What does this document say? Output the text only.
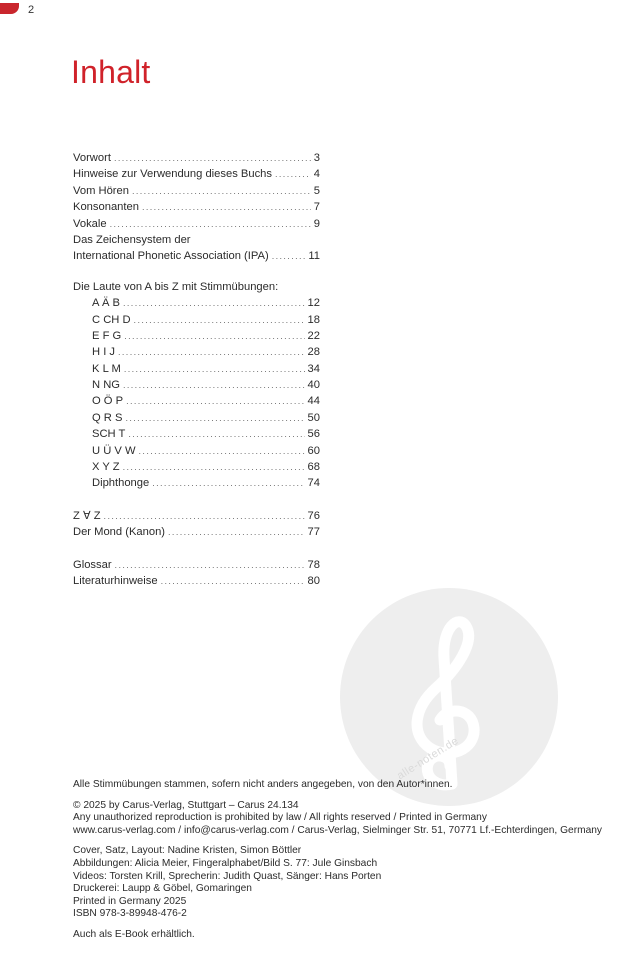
2
Inhalt
alle-noten.de
Vorwort .....	3
Hinweise zur Verwendung dieses Buchs .....	4
Vom Hören .....	5
Konsonanten .....	7
Vokale .....	9
Das Zeichensystem der
International Phonetic Association (IPA) .....	11
Die Laute von A bis Z mit Stimmübungen:
A Ä B .....	12
C CH D .....	18
E F G .....	22
H I J .....	28
K L M .....	34
N NG .....	40
O Ö P .....	44
Q R S .....	50
SCH T .....	56
U Ü V W .....	60
X Y Z .....	68
Diphthonge .....	74
Z ∀ Z .....	76
Der Mond (Kanon) .....	77
Glossar .....	78
Literaturhinweise .....	80
Alle Stimmübungen stammen, sofern nicht anders angegeben, von den Autor*innen.
© 2025 by Carus-Verlag, Stuttgart – Carus 24.134
Any unauthorized reproduction is prohibited by law / All rights reserved / Printed in Germany
www.carus-verlag.com / info@carus-verlag.com / Carus-Verlag, Sielminger Str. 51, 70771 Lf.-Echterdingen, Germany
Cover, Satz, Layout: Nadine Kristen, Simon Böttler
Abbildungen: Alicia Meier, Fingeralphabet/Bild S. 77: Jule Ginsbach
Videos: Torsten Krill, Sprecherin: Judith Quast, Sänger: Hans Porten
Druckerei: Laupp & Göbel, Gomaringen
Printed in Germany 2025
ISBN 978-3-89948-476-2
Auch als E-Book erhältlich.
